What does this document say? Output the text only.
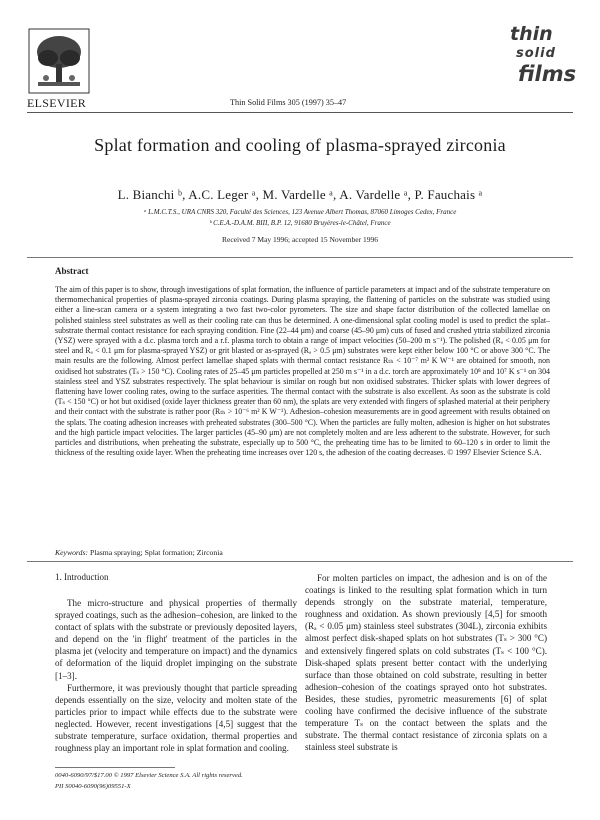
ELSEVIER	Thin Solid Films 305 (1997) 35–47
thin
solid
films
Splat formation and cooling of plasma-sprayed zirconia
L. Bianchi ᵇ, A.C. Leger ᵃ, M. Vardelle ᵃ, A. Vardelle ᵃ, P. Fauchais ᵃ
ᵃ L.M.C.T.S., URA CNRS 320, Faculté des Sciences, 123 Avenue Albert Thomas, 87060 Limoges Cedex, France
ᵇ C.E.A.-D.A.M. BIII, B.P. 12, 91680 Bruyères-le-Châtel, France
Received 7 May 1996; accepted 15 November 1996
Abstract
The aim of this paper is to show, through investigations of splat formation, the influence of particle parameters at impact and of the substrate temperature on thermomechanical properties of plasma-sprayed zirconia coatings. During plasma spraying, the flattening of particles on the substrate was studied using either a line-scan camera or a system integrating a two fast two-color pyrometers. The size and shape factor distribution of the collected lamellae on polished stainless steel substrates as well as their cooling rate can thus be determined. A one-dimensional splat cooling model is used to predict the splat–substrate thermal contact resistance for each spraying condition. Fine (22–44 μm) and coarse (45–90 μm) cuts of fused and crushed yttria stabilized zirconia (YSZ) were sprayed with a d.c. plasma torch and a r.f. plasma torch to obtain a range of impact velocities (50–200 m s⁻¹). The polished (Rₐ < 0.05 μm for steel and Rₐ < 0.1 μm for plasma-sprayed YSZ) or grit blasted or as-sprayed (Rₐ > 0.5 μm) substrates were kept either below 100 °C or above 300 °C. The main results are the following. Almost perfect lamellae shaped splats with thermal contact resistance Rₜₕ < 10⁻⁷ m² K W⁻¹ are obtained for smooth, non oxidised hot substrates (Tₛ > 150 °C). Cooling rates of 25–45 μm particles propelled at 250 m s⁻¹ in a d.c. torch are approximately 10⁸ and 10⁷ K s⁻¹ on 304 stainless steel and YSZ substrates respectively. The splat behaviour is similar on rough but non oxidised substrates. Thicker splats with lower degrees of flattening have lower cooling rates, owing to the surface asperities. The thermal contact with the substrate is also excellent. As soon as the substrate is cold (Tₛ < 150 °C) or hot but oxidised (oxide layer thickness greater than 60 nm), the splats are very extended with fingers of splashed material at their periphery and their contact with the substrate is rather poor (Rₜₕ > 10⁻⁶ m² K W⁻¹). Adhesion–cohesion measurements are in good agreement with results obtained on the splats. The coating adhesion increases with preheated substrates (300–500 °C). When the particles are fully molten, adhesion is higher on hot substrates and the high particle impact velocities. The larger particles (45–90 μm) are not completely molten and are less adherent to the substrate. However, for such particles and distributions, when preheating the substrate, especially up to 500 °C, the preheating time has to be limited to 60–120 s in order to limit the thickness of the resulting oxide layer. When the preheating time increases over 120 s, the adhesion of the coating decreases. © 1997 Elsevier Science S.A.
Keywords: Plasma spraying; Splat formation; Zirconia
1. Introduction

The micro-structure and physical properties of thermally sprayed coatings, such as the adhesion–cohesion, are linked to the contact of splats with the substrate or previously deposited layers, and depend on the 'in flight' treatment of the particles in the plasma jet (velocity and temperature on impact) and the dynamics of deformation of the liquid droplet impinging on the substrate [1–3].

Furthermore, it was previously thought that particle spreading depends essentially on the size, velocity and molten state of the particles prior to impact while effects due to the substrate were neglected. However, recent investigations [4,5] suggest that the substrate temperature, surface oxidation, thermal properties and roughness play an important role in splat formation and cooling.

For molten particles on impact, the adhesion and is on of the coatings is linked to the resulting splat formation which in turn depends strongly on the substrate material, temperature, roughness and oxidation. As shown previously [4,5] for smooth (Rₐ < 0.05 μm) stainless steel substrates (304L), zirconia exhibits almost perfect disk-shaped splats on hot substrates (Tₛ > 300 °C) and extensively fingered splats on cold substrates (Tₛ < 100 °C). Disk-shaped splats present better contact with the underlying surface than those obtained on cold substrate, resulting in better adhesion–cohesion of the coatings sprayed onto hot substrates. Besides, these studies, pyrometric measurements [6] of splat cooling have confirmed the decisive influence of the substrate temperature Tₛ on the contact between the splats and the substrate. The thermal contact resistance of zirconia splats on a stainless steel substrate is

0040-6090/97/$17.00 © 1997 Elsevier Science S.A. All rights reserved.
PII S0040-6090(96)09551-X
